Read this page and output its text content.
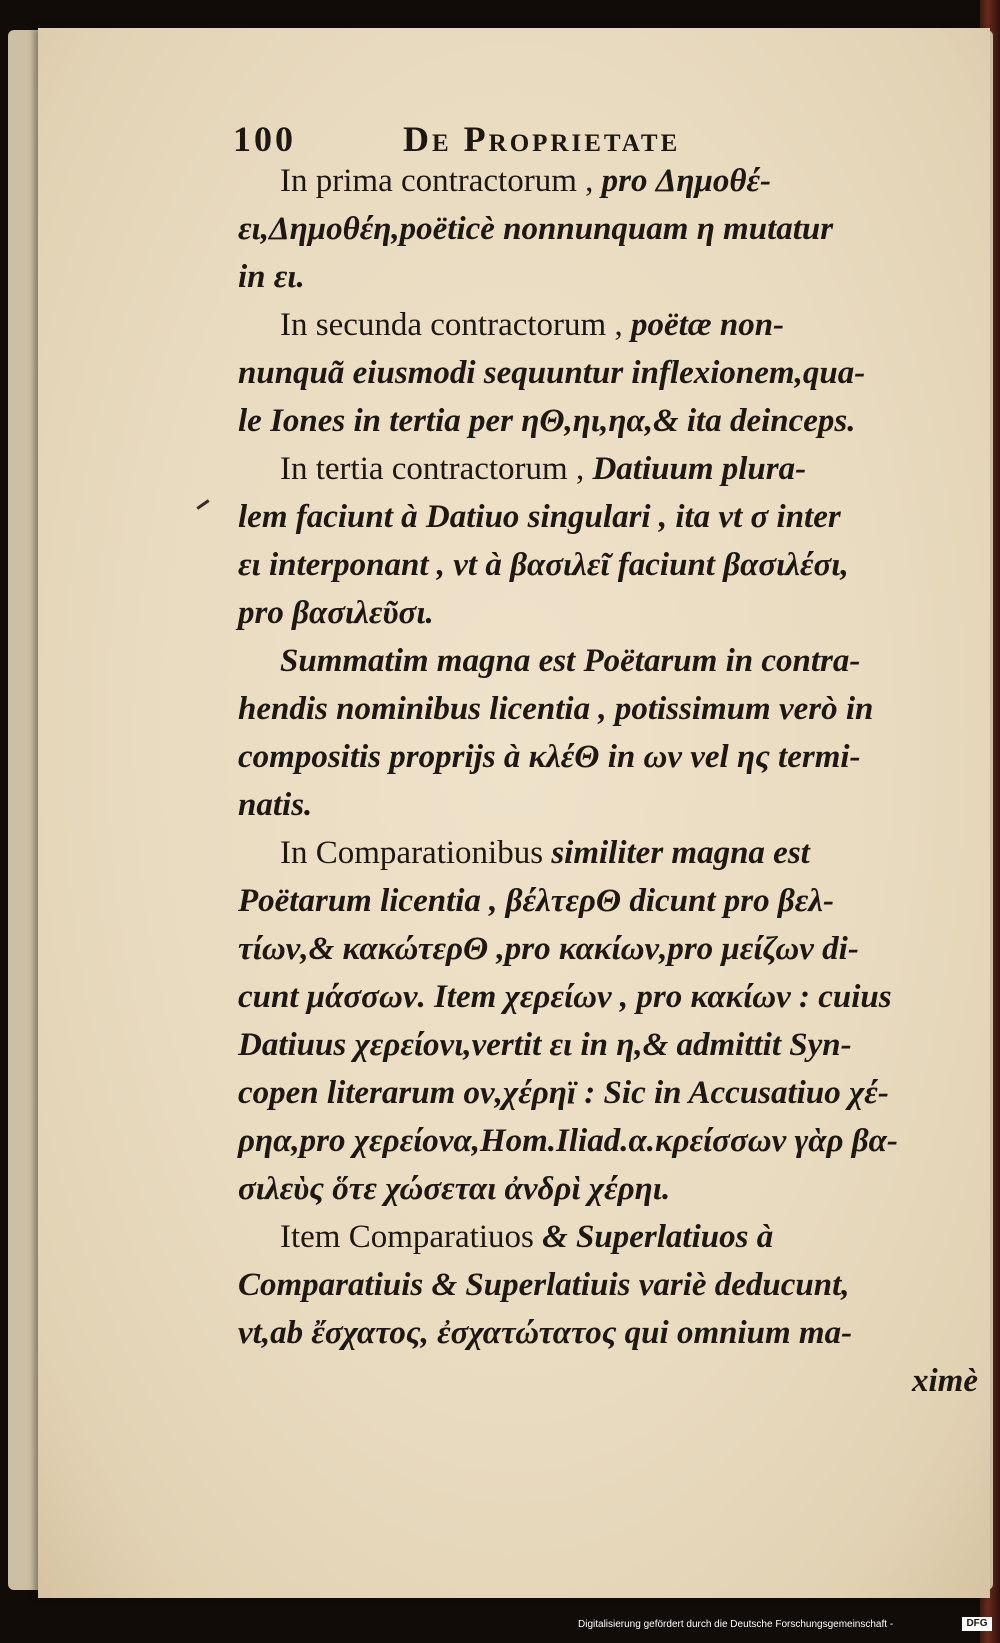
100	De Proprietate
In prima contractorum , pro Δημοθέ-
ει,Δημοθέη,poëticè nonnunquam η mutatur
in ει.
In secunda contractorum , poëtæ non-
nunquã eiusmodi sequuntur inflexionem,qua-
le Iones in tertia per ηΘ,ηι,ηα,& ita deinceps.
In tertia contractorum , Datiuum plura-
lem faciunt à Datiuo singulari , ita vt σ inter
ει interponant , vt à βασιλεῖ faciunt βασιλέσι,
pro βασιλεῦσι.
Summatim magna est Poëtarum in contra-
hendis nominibus licentia , potissimum verò in
compositis proprijs à κλέΘ in ων vel ης termi-
natis.
In Comparationibus similiter magna est
Poëtarum licentia , βέλτερΘ dicunt pro βελ-
τίων,& κακώτερΘ ,pro κακίων,pro μείζων di-
cunt μάσσων. Item χερείων , pro κακίων : cuius
Datiuus χερείονι,vertit ει in η,& admittit Syn-
copen literarum ον,χέρηϊ : Sic in Accusatiuo χέ-
ρηα,pro χερείονα,Hom.Iliad.α.κρείσσων γὰρ βα-
σιλεὺς ὅτε χώσεται ἀνδρὶ χέρηι.
Item Comparatiuos & Superlatiuos à
Comparatiuis & Superlatiuis variè deducunt,
vt,ab ἔσχατος, ἐσχατώτατος qui omnium ma-
ximè
Digitalisierung gefördert durch die Deutsche Forschungsgemeinschaft -	DFG
